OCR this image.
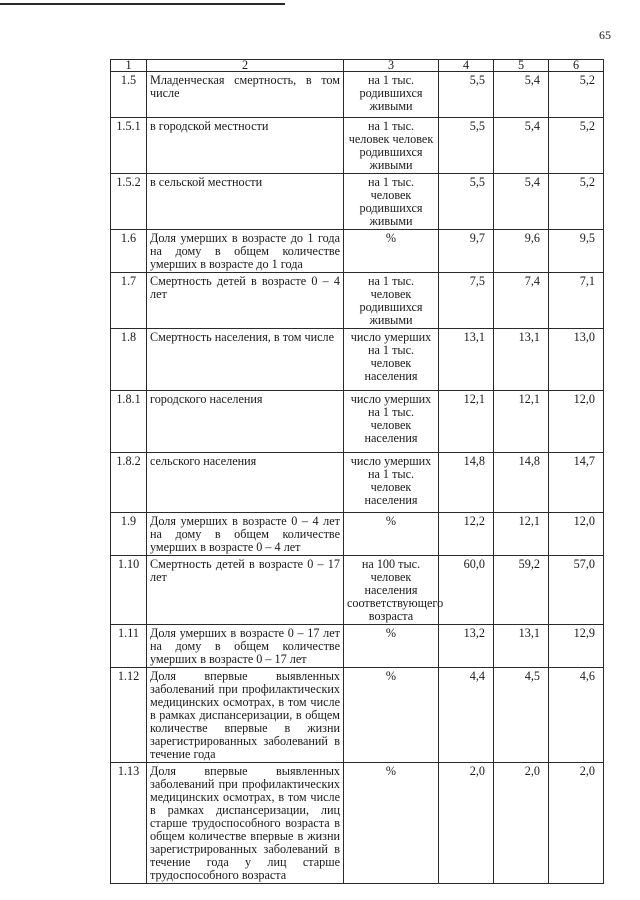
65
1	2	3	4	5	6
1.5	Младенческая смертность, в том числе	на 1 тыс. родившихся живыми	5,5	5,4	5,2
1.5.1	в городской местности	на 1 тыс. человек человек родившихся живыми	5,5	5,4	5,2
1.5.2	в сельской местности	на 1 тыс. человек родившихся живыми	5,5	5,4	5,2
1.6	Доля умерших в возрасте до 1 года на дому в общем количестве умерших в возрасте до 1 года	%	9,7	9,6	9,5
1.7	Смертность детей в возрасте 0 – 4 лет	на 1 тыс. человек родившихся живыми	7,5	7,4	7,1
1.8	Смертность населения, в том числе	число умерших на 1 тыс. человек населения	13,1	13,1	13,0
1.8.1	городского населения	число умерших на 1 тыс. человек населения	12,1	12,1	12,0
1.8.2	сельского населения	число умерших на 1 тыс. человек населения	14,8	14,8	14,7
1.9	Доля умерших в возрасте 0 – 4 лет на дому в общем количестве умерших в возрасте 0 – 4 лет	%	12,2	12,1	12,0
1.10	Смертность детей в возрасте 0 – 17 лет	на 100 тыс. человек населения соответствующего возраста	60,0	59,2	57,0
1.11	Доля умерших в возрасте 0 – 17 лет на дому в общем количестве умерших в возрасте 0 – 17 лет	%	13,2	13,1	12,9
1.12	Доля впервые выявленных заболеваний при профилактических медицинских осмотрах, в том числе в рамках диспансеризации, в общем количестве впервые в жизни зарегистрированных заболеваний в течение года	%	4,4	4,5	4,6
1.13	Доля впервые выявленных заболеваний при профилактических медицинских осмотрах, в том числе в рамках диспансеризации, лиц старше трудоспособного возраста в общем количестве впервые в жизни зарегистрированных заболеваний в течение года у лиц старше трудоспособного возраста	%	2,0	2,0	2,0
